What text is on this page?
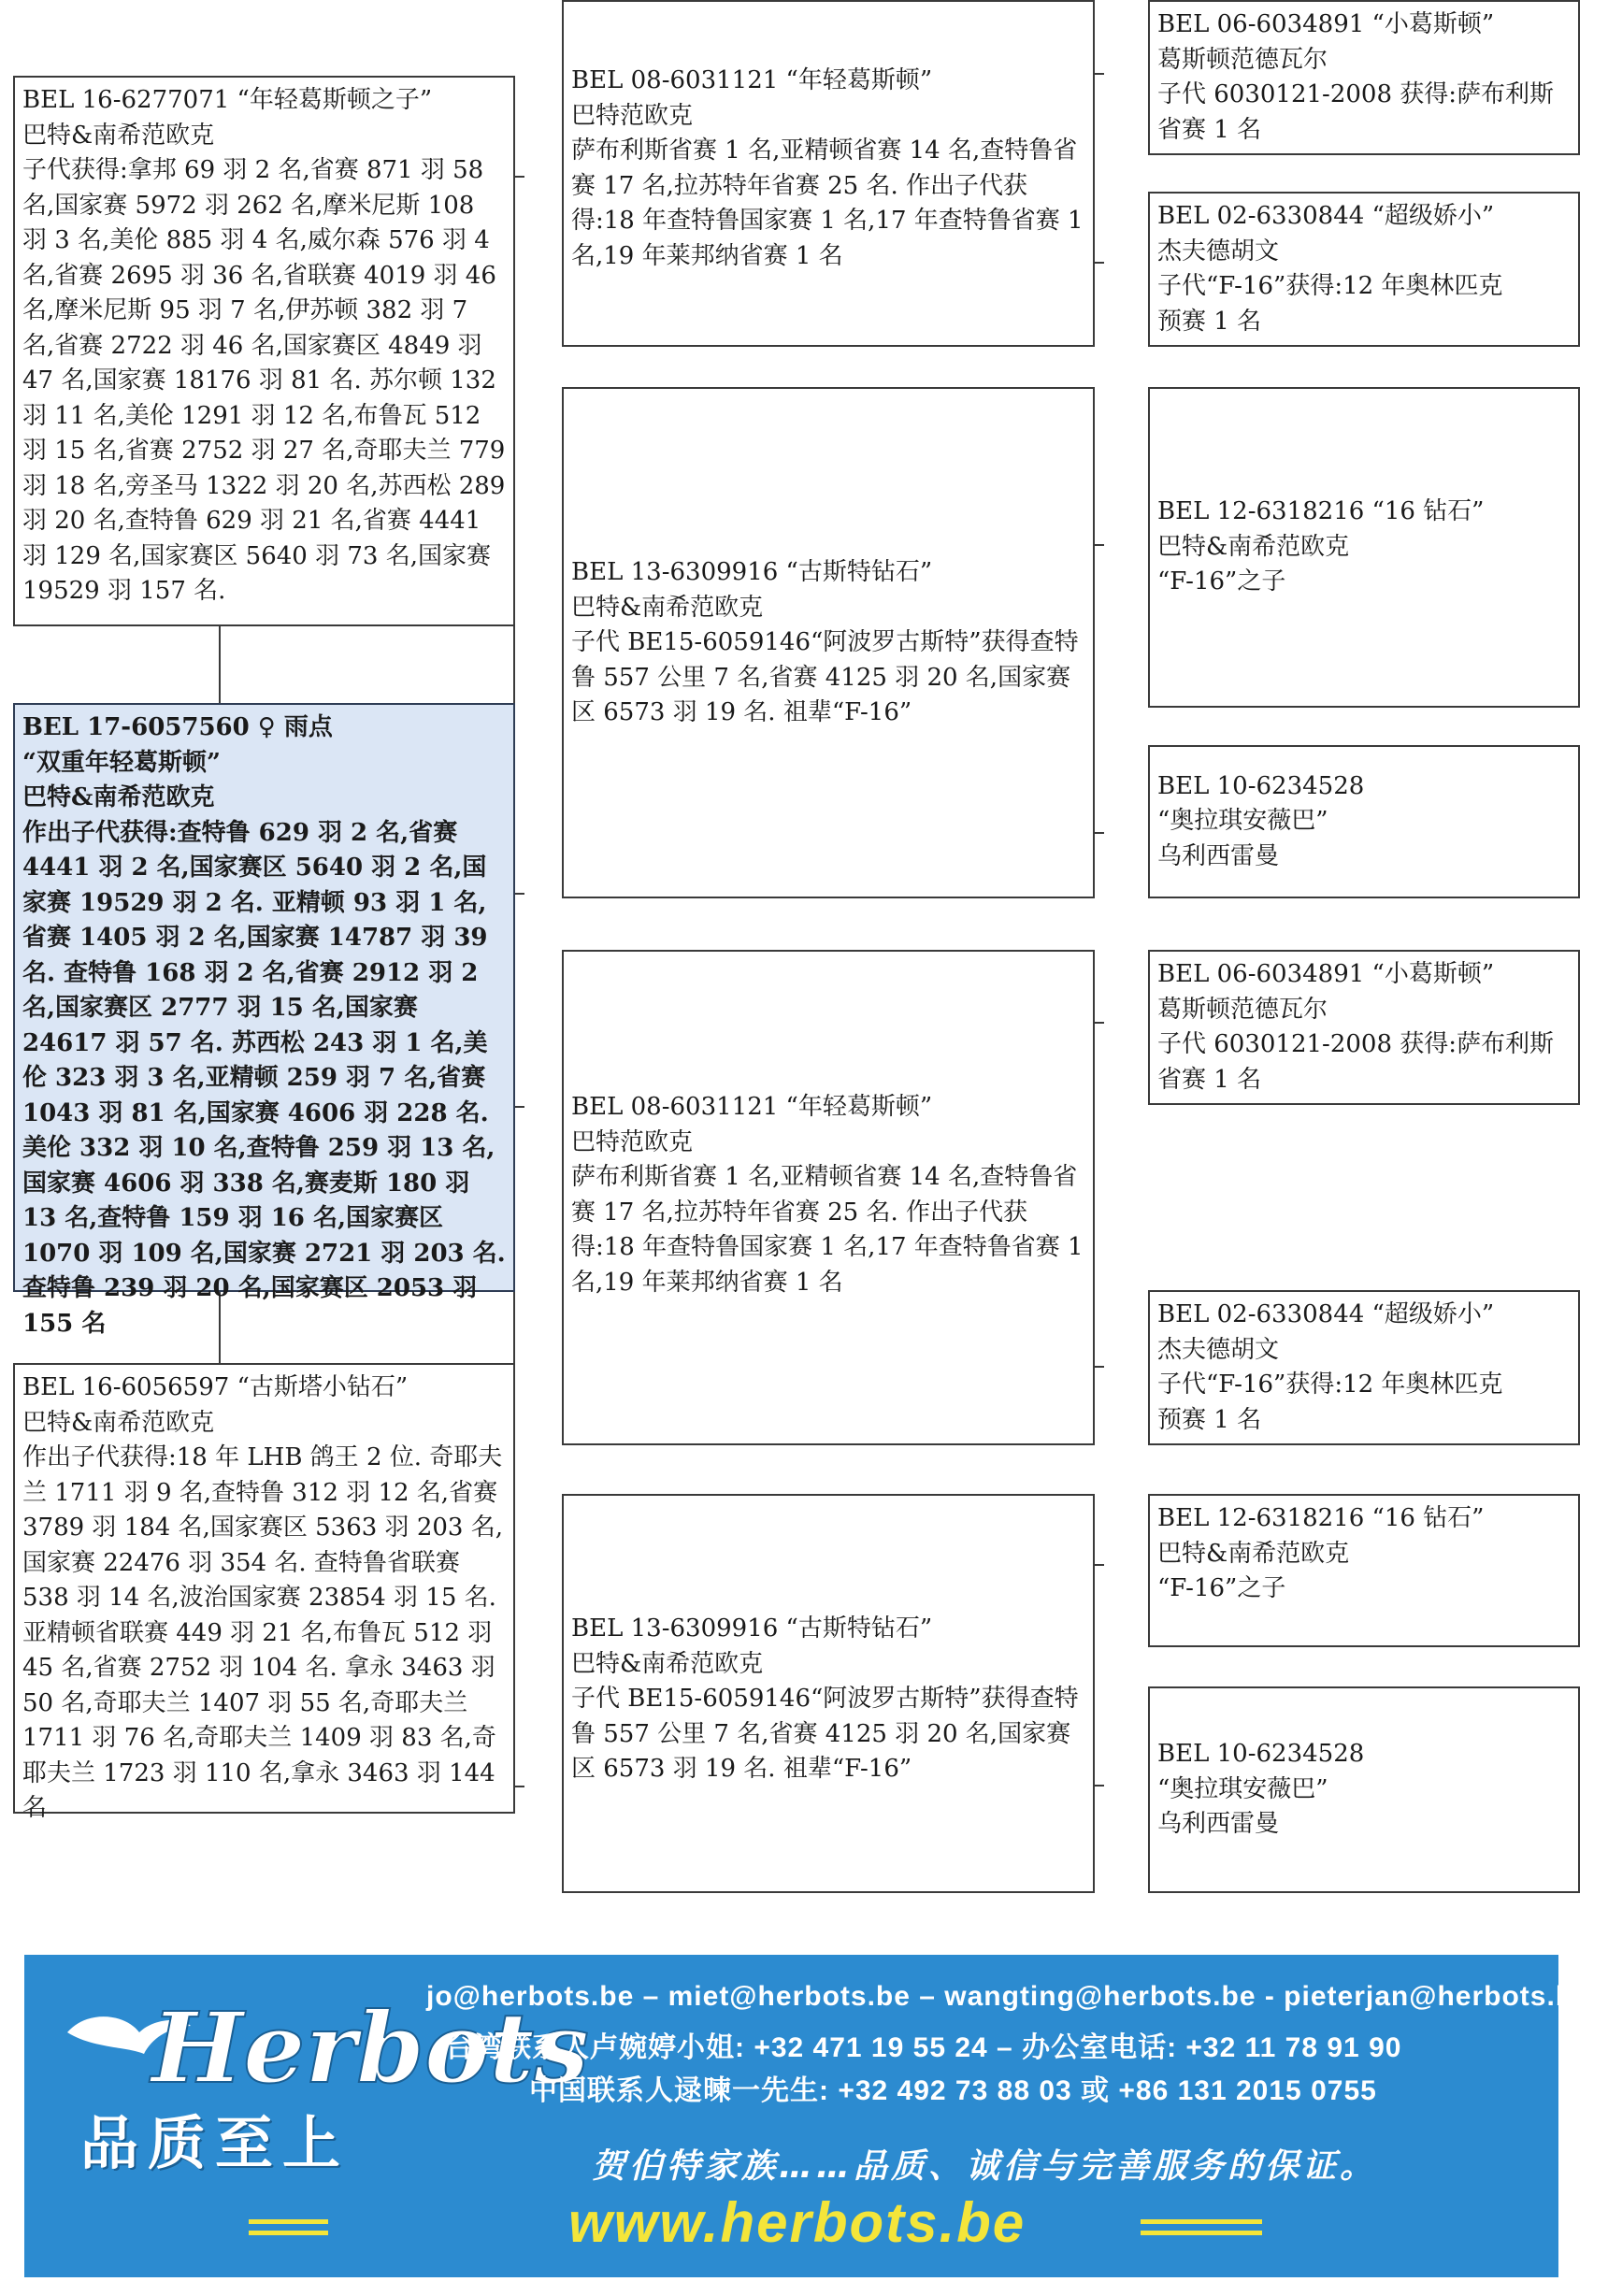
BEL 16-6277071 “年轻葛斯顿之子”
巴特&南希范欧克
子代获得:拿邦 69 羽 2 名,省赛 871 羽 58 名,国家赛 5972 羽 262 名,摩米尼斯 108 羽 3 名,美伦 885 羽 4 名,威尔森 576 羽 4 名,省赛 2695 羽 36 名,省联赛 4019 羽 46 名,摩米尼斯 95 羽 7 名,伊苏顿 382 羽 7 名,省赛 2722 羽 46 名,国家赛区 4849 羽 47 名,国家赛 18176 羽 81 名. 苏尔顿 132 羽 11 名,美伦 1291 羽 12 名,布鲁瓦 512 羽 15 名,省赛 2752 羽 27 名,奇耶夫兰 779 羽 18 名,旁圣马 1322 羽 20 名,苏西松 289 羽 20 名,查特鲁 629 羽 21 名,省赛 4441 羽 129 名,国家赛区 5640 羽 73 名,国家赛 19529 羽 157 名.
BEL 17-6057560 ♀ 雨点
“双重年轻葛斯顿”
巴特&南希范欧克
作出子代获得:查特鲁 629 羽 2 名,省赛 4441 羽 2 名,国家赛区 5640 羽 2 名,国家赛 19529 羽 2 名. 亚精顿 93 羽 1 名,省赛 1405 羽 2 名,国家赛 14787 羽 39 名. 查特鲁 168 羽 2 名,省赛 2912 羽 2 名,国家赛区 2777 羽 15 名,国家赛 24617 羽 57 名. 苏西松 243 羽 1 名,美伦 323 羽 3 名,亚精顿 259 羽 7 名,省赛 1043 羽 81 名,国家赛 4606 羽 228 名. 美伦 332 羽 10 名,查特鲁 259 羽 13 名,国家赛 4606 羽 338 名,赛麦斯 180 羽 13 名,查特鲁 159 羽 16 名,国家赛区 1070 羽 109 名,国家赛 2721 羽 203 名. 查特鲁 239 羽 20 名,国家赛区 2053 羽 155 名
BEL 16-6056597 “古斯塔小钻石”
巴特&南希范欧克
作出子代获得:18 年 LHB 鸽王 2 位. 奇耶夫兰 1711 羽 9 名,查特鲁 312 羽 12 名,省赛 3789 羽 184 名,国家赛区 5363 羽 203 名,国家赛 22476 羽 354 名. 查特鲁省联赛 538 羽 14 名,波治国家赛 23854 羽 15 名. 亚精顿省联赛 449 羽 21 名,布鲁瓦 512 羽 45 名,省赛 2752 羽 104 名. 拿永 3463 羽 50 名,奇耶夫兰 1407 羽 55 名,奇耶夫兰 1711 羽 76 名,奇耶夫兰 1409 羽 83 名,奇耶夫兰 1723 羽 110 名,拿永 3463 羽 144 名
BEL 08-6031121 “年轻葛斯顿”
巴特范欧克
萨布利斯省赛 1 名,亚精顿省赛 14 名,查特鲁省赛 17 名,拉苏特年省赛 25 名. 作出子代获得:18 年查特鲁国家赛 1 名,17 年查特鲁省赛 1 名,19 年莱邦纳省赛 1 名
BEL 13-6309916 “古斯特钻石”
巴特&南希范欧克
子代 BE15-6059146“阿波罗古斯特”获得查特鲁 557 公里 7 名,省赛 4125 羽 20 名,国家赛区 6573 羽 19 名. 祖辈“F-16”
BEL 08-6031121 “年轻葛斯顿”
巴特范欧克
萨布利斯省赛 1 名,亚精顿省赛 14 名,查特鲁省赛 17 名,拉苏特年省赛 25 名. 作出子代获得:18 年查特鲁国家赛 1 名,17 年查特鲁省赛 1 名,19 年莱邦纳省赛 1 名
BEL 13-6309916 “古斯特钻石”
巴特&南希范欧克
子代 BE15-6059146“阿波罗古斯特”获得查特鲁 557 公里 7 名,省赛 4125 羽 20 名,国家赛区 6573 羽 19 名. 祖辈“F-16”
BEL 06-6034891 “小葛斯顿”
葛斯顿范德瓦尔
子代 6030121-2008 获得:萨布利斯
省赛 1 名
BEL 02-6330844 “超级娇小”
杰夫德胡文
子代“F-16”获得:12 年奥林匹克
预赛 1 名
BEL 12-6318216 “16 钻石”
巴特&南希范欧克
“F-16”之子
BEL 10-6234528
“奥拉琪安薇巴”
乌利西雷曼
BEL 06-6034891 “小葛斯顿”
葛斯顿范德瓦尔
子代 6030121-2008 获得:萨布利斯
省赛 1 名
BEL 02-6330844 “超级娇小”
杰夫德胡文
子代“F-16”获得:12 年奥林匹克
预赛 1 名
BEL 12-6318216 “16 钻石”
巴特&南希范欧克
“F-16”之子
BEL 10-6234528
“奥拉琪安薇巴”
乌利西雷曼
Herbots
品质至上
jo@herbots.be – miet@herbots.be – wangting@herbots.be - pieterjan@herbots.be
台湾联系人卢婉婷小姐: +32 471 19 55 24 – 办公室电话: +32 11 78 91 90
中国联系人逯暕一先生: +32 492 73 88 03 或 +86 131 2015 0755
贺伯特家族……品质、诚信与完善服务的保证。
www.herbots.be
